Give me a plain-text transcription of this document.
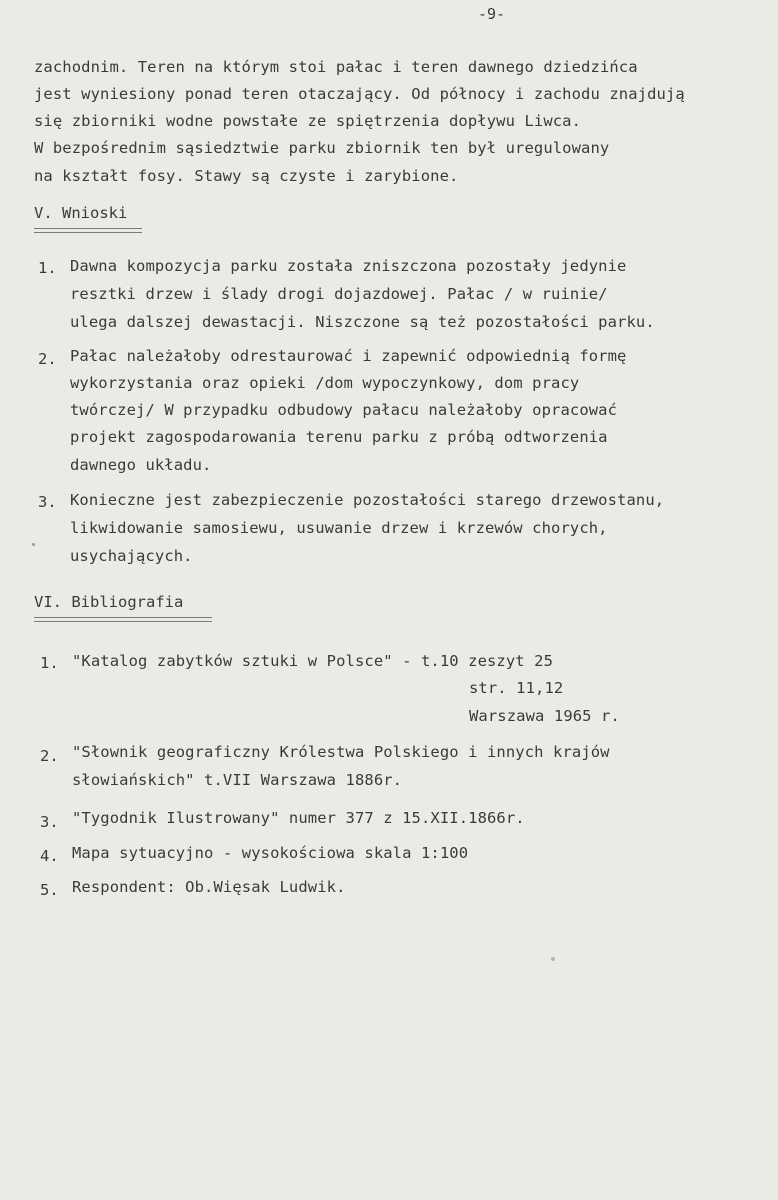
-9-
zachodnim. Teren na którym stoi pałac i teren dawnego dziedzińca
jest wyniesiony ponad teren otaczający. Od północy i zachodu znajdują
się zbiorniki wodne powstałe ze spiętrzenia dopływu Liwca.
W bezpośrednim sąsiedztwie parku zbiornik ten był uregulowany
na kształt fosy. Stawy są czyste i zarybione.
V. Wnioski
1. Dawna kompozycja parku została zniszczona pozostały jedynie
resztki drzew i ślady drogi dojazdowej. Pałac / w ruinie/
ulega dalszej dewastacji. Niszczone są też pozostałości parku.
2. Pałac należałoby odrestaurować i zapewnić odpowiednią formę
wykorzystania oraz opieki /dom wypoczynkowy, dom pracy
twórczej/ W przypadku odbudowy pałacu należałoby opracować
projekt zagospodarowania terenu parku z próbą odtworzenia
dawnego układu.
3. Konieczne jest zabezpieczenie pozostałości starego drzewostanu,
likwidowanie samosiewu, usuwanie drzew i krzewów chorych,
usychających.
VI. Bibliografia
1. "Katalog zabytków sztuki w Polsce" - t.10 zeszyt 25
str. 11,12
Warszawa 1965 r.
2. "Słownik geograficzny Królestwa Polskiego i innych krajów
słowiańskich" t.VII Warszawa 1886r.
3. "Tygodnik Ilustrowany" numer 377 z 15.XII.1866r.
4. Mapa sytuacyjno - wysokościowa skala 1:100
5. Respondent: Ob.Więsak Ludwik.
